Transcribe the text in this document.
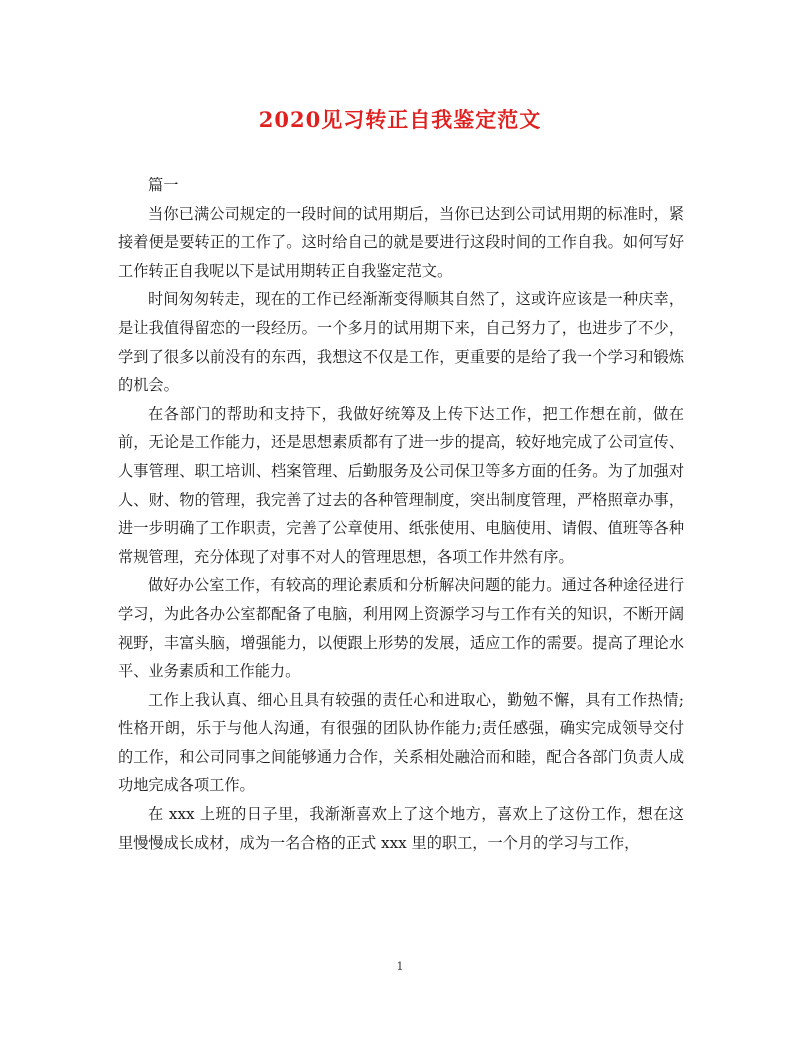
2020见习转正自我鉴定范文

篇一

当你已满公司规定的一段时间的试用期后，当你已达到公司试用期的标准时，紧接着便是要转正的工作了。这时给自己的就是要进行这段时间的工作自我。如何写好工作转正自我呢以下是试用期转正自我鉴定范文。

时间匆匆转走，现在的工作已经渐渐变得顺其自然了，这或许应该是一种庆幸，是让我值得留恋的一段经历。一个多月的试用期下来，自己努力了，也进步了不少，学到了很多以前没有的东西，我想这不仅是工作，更重要的是给了我一个学习和锻炼的机会。

在各部门的帮助和支持下，我做好统筹及上传下达工作，把工作想在前，做在前，无论是工作能力，还是思想素质都有了进一步的提高，较好地完成了公司宣传、人事管理、职工培训、档案管理、后勤服务及公司保卫等多方面的任务。为了加强对人、财、物的管理，我完善了过去的各种管理制度，突出制度管理，严格照章办事，进一步明确了工作职责，完善了公章使用、纸张使用、电脑使用、请假、值班等各种常规管理，充分体现了对事不对人的管理思想，各项工作井然有序。

做好办公室工作，有较高的理论素质和分析解决问题的能力。通过各种途径进行学习，为此各办公室都配备了电脑，利用网上资源学习与工作有关的知识，不断开阔视野，丰富头脑，增强能力，以便跟上形势的发展，适应工作的需要。提高了理论水平、业务素质和工作能力。

工作上我认真、细心且具有较强的责任心和进取心，勤勉不懈，具有工作热情;性格开朗，乐于与他人沟通，有很强的团队协作能力;责任感强，确实完成领导交付的工作，和公司同事之间能够通力合作，关系相处融洽而和睦，配合各部门负责人成功地完成各项工作。

在 xxx 上班的日子里，我渐渐喜欢上了这个地方，喜欢上了这份工作，想在这里慢慢成长成材，成为一名合格的正式 xxx 里的职工，一个月的学习与工作，

1
